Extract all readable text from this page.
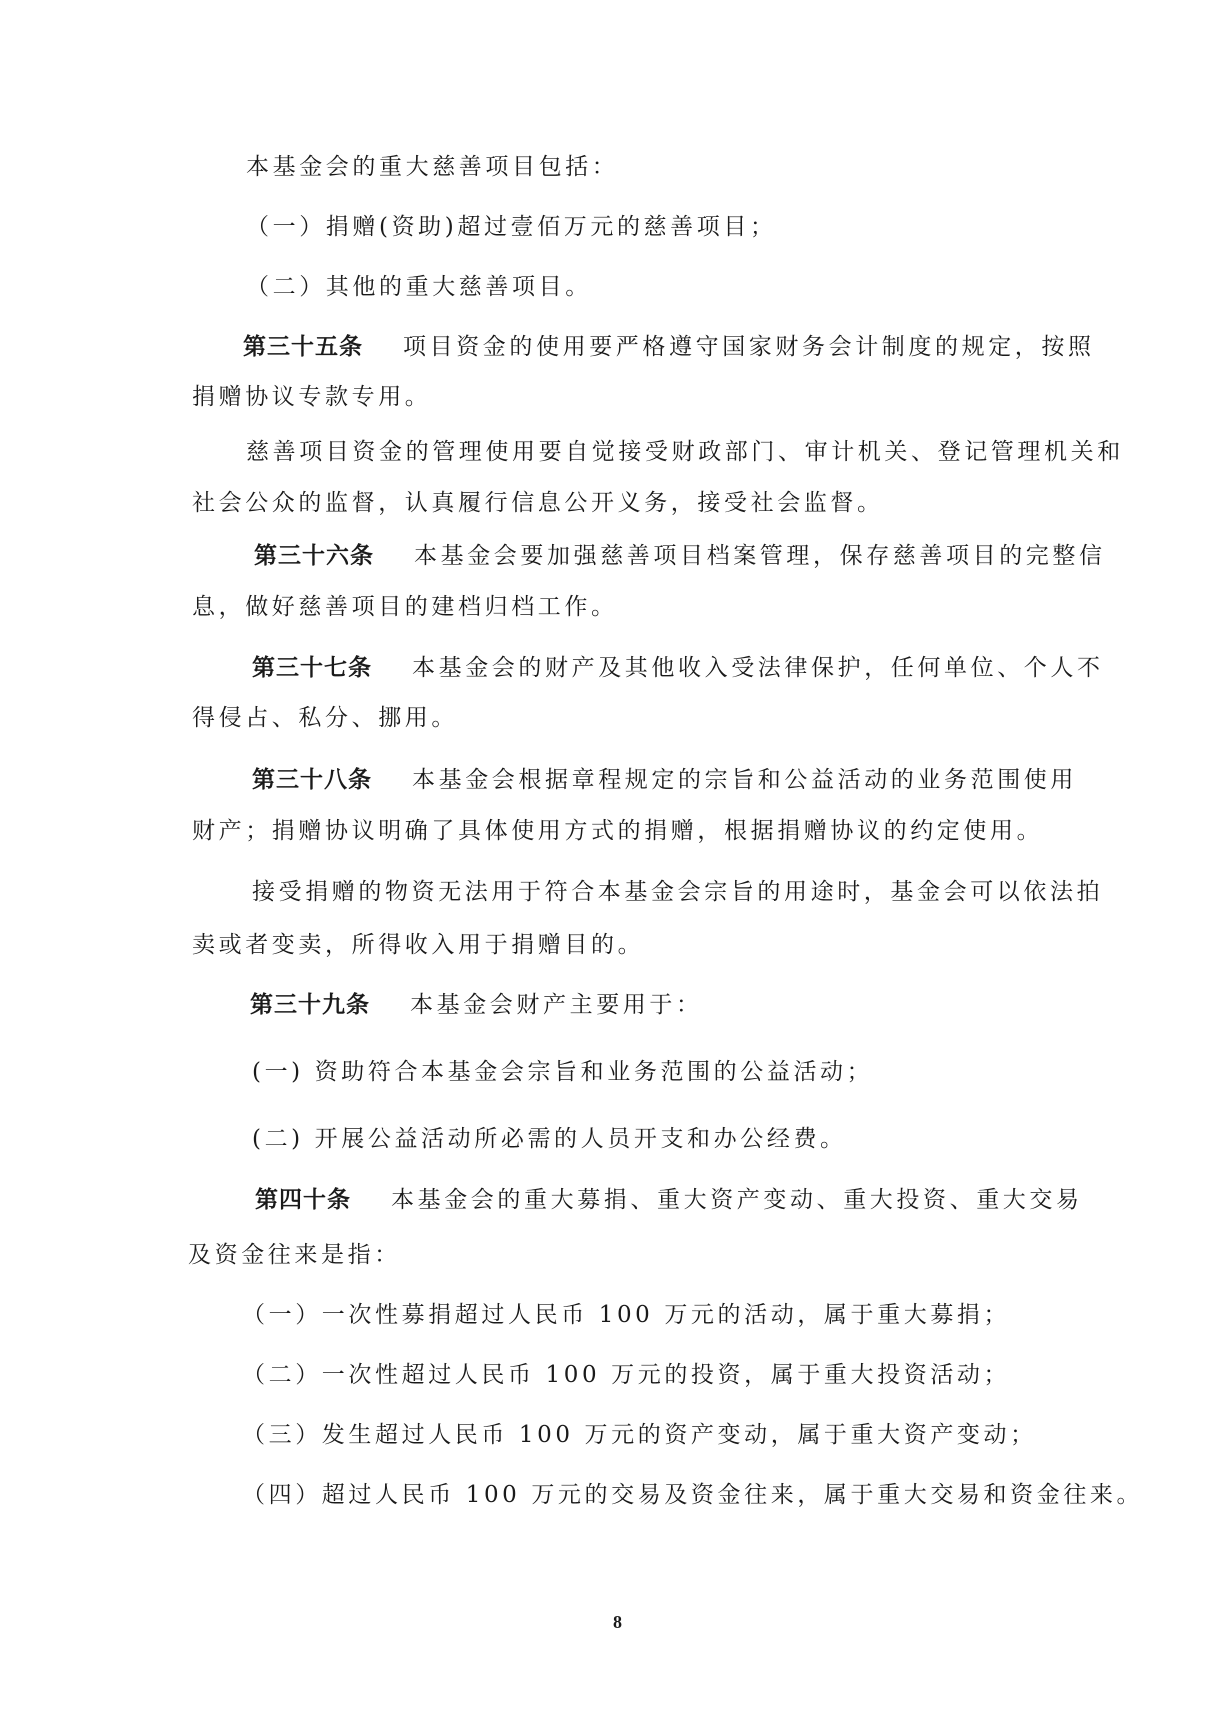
本基金会的重大慈善项目包括：
（一）捐赠(资助)超过壹佰万元的慈善项目；
（二）其他的重大慈善项目。
第三十五条 项目资金的使用要严格遵守国家财务会计制度的规定，按照
捐赠协议专款专用。
慈善项目资金的管理使用要自觉接受财政部门、审计机关、登记管理机关和
社会公众的监督，认真履行信息公开义务，接受社会监督。
第三十六条 本基金会要加强慈善项目档案管理，保存慈善项目的完整信
息，做好慈善项目的建档归档工作。
第三十七条 本基金会的财产及其他收入受法律保护，任何单位、个人不
得侵占、私分、挪用。
第三十八条 本基金会根据章程规定的宗旨和公益活动的业务范围使用
财产；捐赠协议明确了具体使用方式的捐赠，根据捐赠协议的约定使用。
接受捐赠的物资无法用于符合本基金会宗旨的用途时，基金会可以依法拍
卖或者变卖，所得收入用于捐赠目的。
第三十九条 本基金会财产主要用于：
(一) 资助符合本基金会宗旨和业务范围的公益活动；
(二) 开展公益活动所必需的人员开支和办公经费。
第四十条 本基金会的重大募捐、重大资产变动、重大投资、重大交易
及资金往来是指：
（一）一次性募捐超过人民币 100 万元的活动，属于重大募捐；
（二）一次性超过人民币 100 万元的投资，属于重大投资活动；
（三）发生超过人民币 100 万元的资产变动，属于重大资产变动；
（四）超过人民币 100 万元的交易及资金往来，属于重大交易和资金往来。
8
